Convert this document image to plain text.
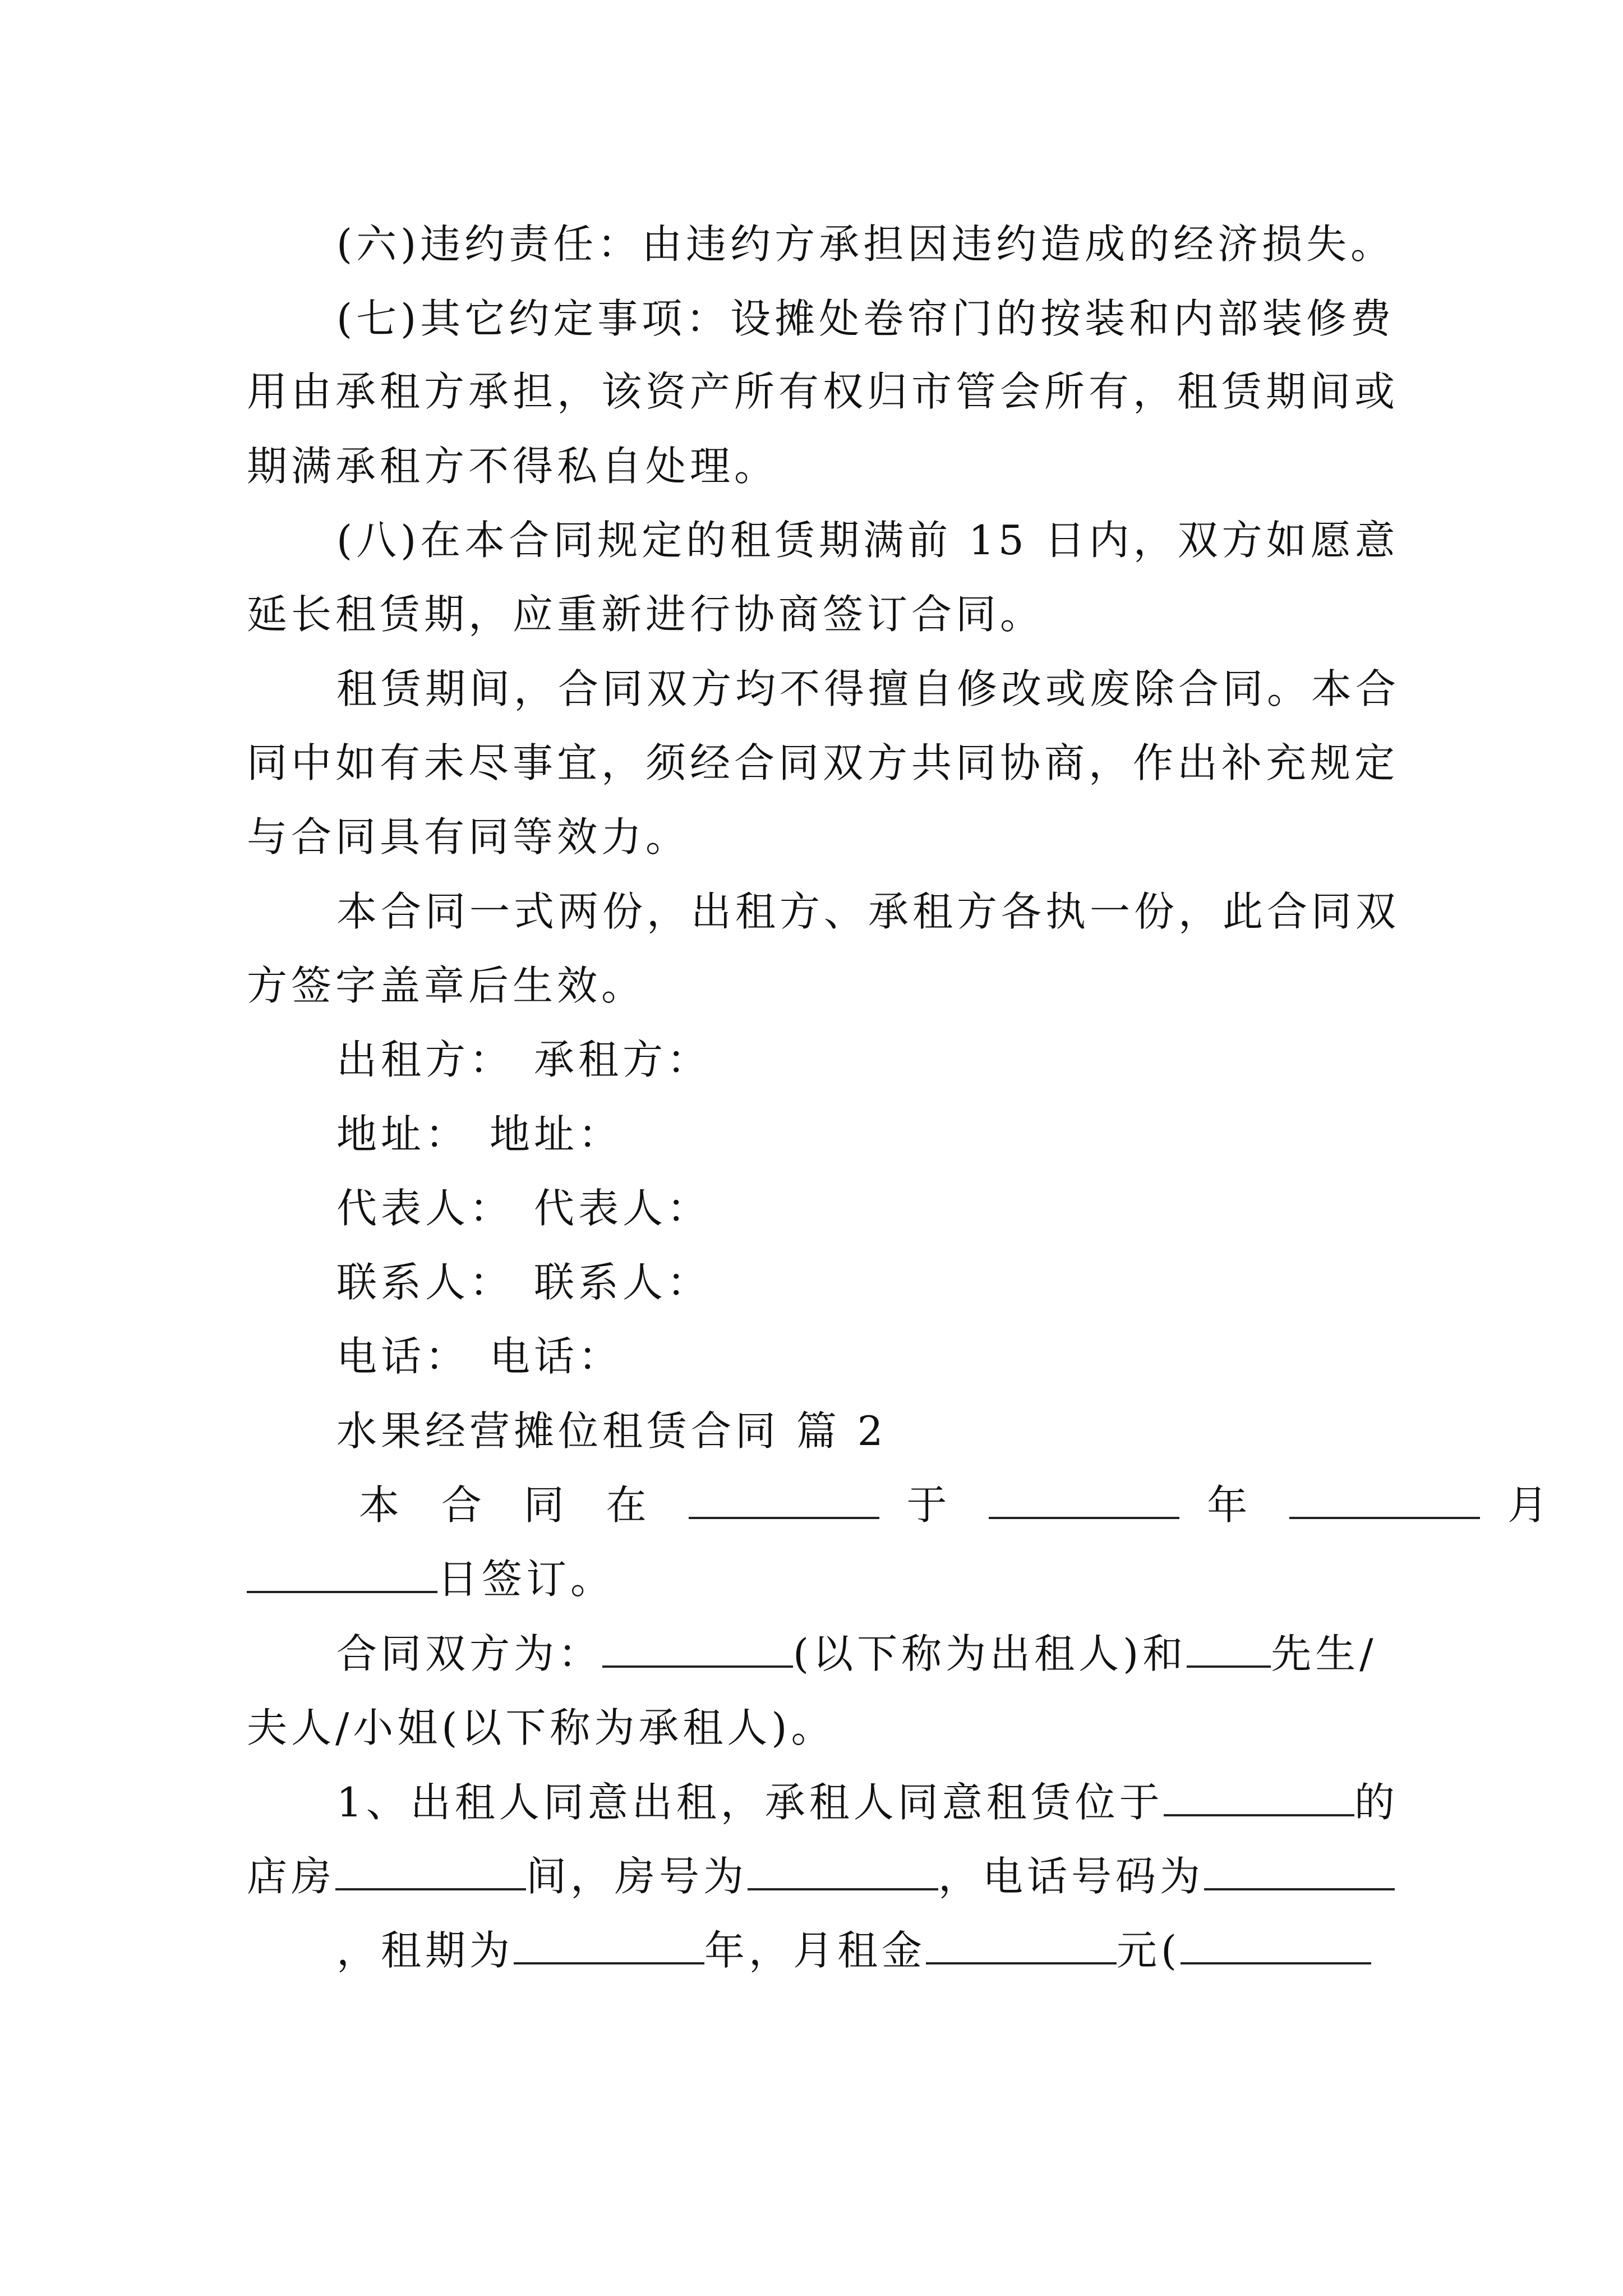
(六)违约责任：由违约方承担因违约造成的经济损失。
(七)其它约定事项：设摊处卷帘门的按装和内部装修费
用由承租方承担，该资产所有权归市管会所有，租赁期间或
期满承租方不得私自处理。
(八)在本合同规定的租赁期满前 15 日内，双方如愿意
延长租赁期，应重新进行协商签订合同。
租赁期间，合同双方均不得擅自修改或废除合同。本合
同中如有未尽事宜，须经合同双方共同协商，作出补充规定
与合同具有同等效力。
本合同一式两份，出租方、承租方各执一份，此合同双
方签字盖章后生效。
出租方： 承租方：
地址： 地址：
代表人： 代表人：
联系人： 联系人：
电话： 电话：
水果经营摊位租赁合同 篇 2
本 合 同 在	于	年	月
日签订。
合同双方为：	(以下称为出租人)和 先生/
夫人/小姐(以下称为承租人)。
1、出租人同意出租，承租人同意租赁位于	的
店房	间，房号为	，电话号码为
，租期为	年，月租金	元(
